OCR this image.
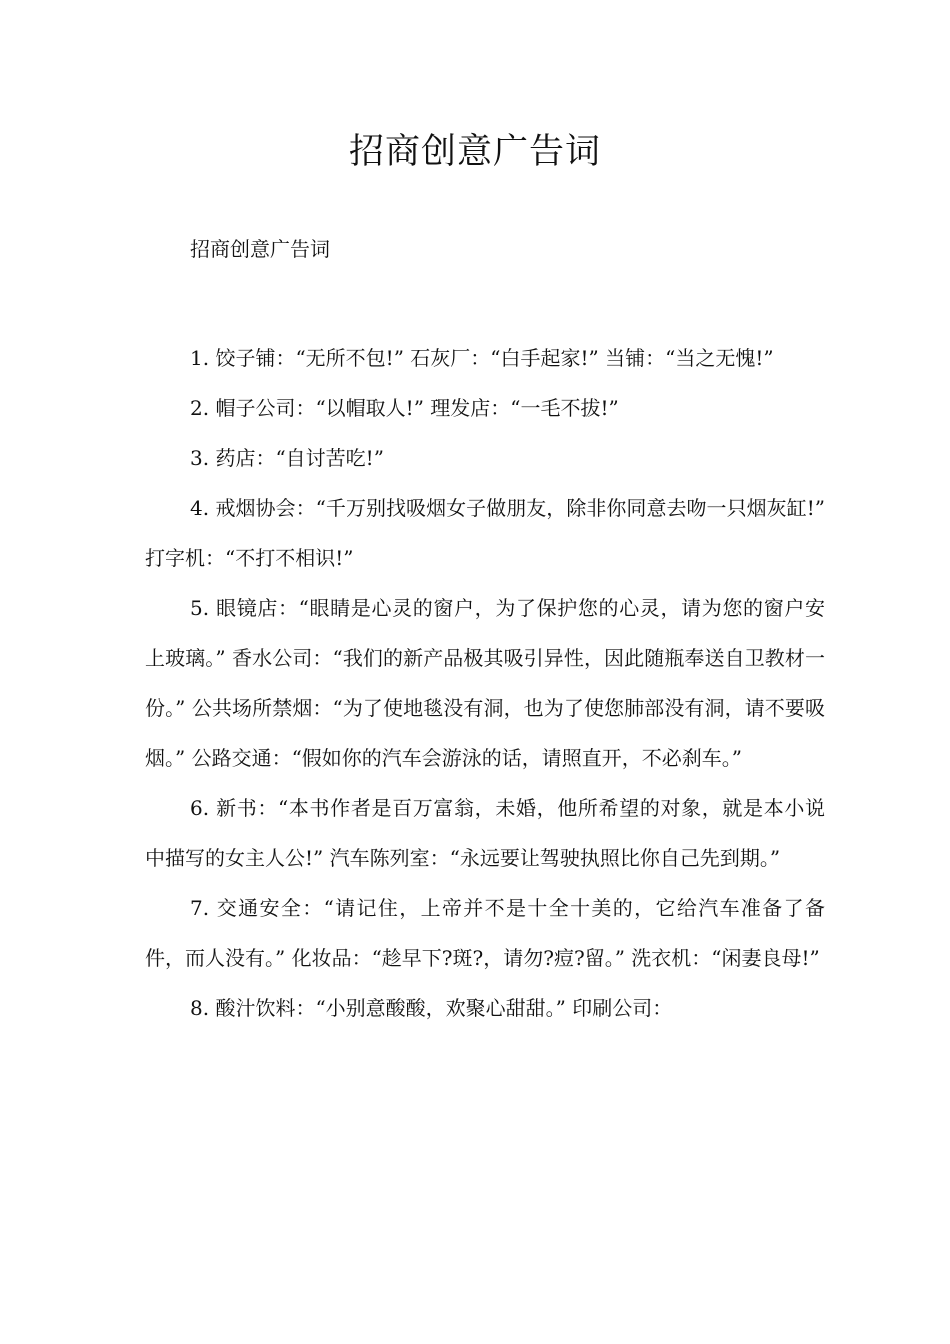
招商创意广告词
招商创意广告词

1. 饺子铺：“无所不包!” 石灰厂：“白手起家!” 当铺：“当之无愧!”

2. 帽子公司：“以帽取人!” 理发店：“一毛不拔!”

3. 药店：“自讨苦吃!”

4. 戒烟协会：“千万别找吸烟女子做朋友，除非你同意去吻一只烟灰缸!” 打字机：“不打不相识!”

5. 眼镜店：“眼睛是心灵的窗户，为了保护您的心灵，请为您的窗户安上玻璃。” 香水公司：“我们的新产品极其吸引异性，因此随瓶奉送自卫教材一份。” 公共场所禁烟：“为了使地毯没有洞，也为了使您肺部没有洞，请不要吸烟。” 公路交通：“假如你的汽车会游泳的话，请照直开，不必刹车。”

6. 新书：“本书作者是百万富翁，未婚，他所希望的对象，就是本小说中描写的女主人公!” 汽车陈列室：“永远要让驾驶执照比你自己先到期。”

7. 交通安全：“请记住，上帝并不是十全十美的，它给汽车准备了备件，而人没有。” 化妆品：“趁早下?斑?，请勿?痘?留。” 洗衣机：“闲妻良母!”

8. 酸汁饮料：“小别意酸酸，欢聚心甜甜。” 印刷公司：
